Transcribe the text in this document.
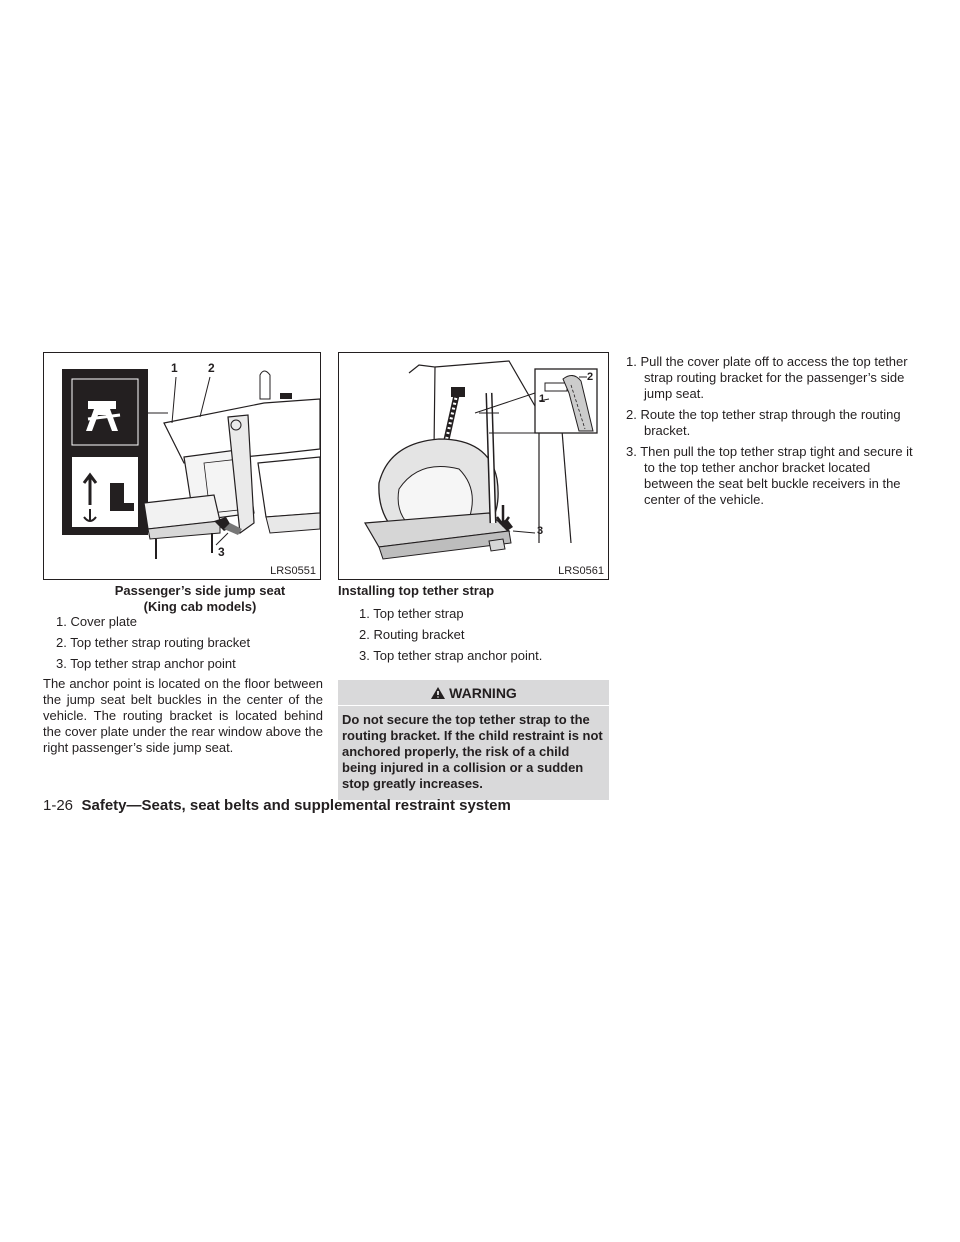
1	2
3
LRS0551
Passenger’s side jump seat
(King cab models)
1. Cover plate
2. Top tether strap routing bracket
3. Top tether strap anchor point

The anchor point is located on the floor between the jump seat belt buckles in the center of the vehicle. The routing bracket is located behind the cover plate under the rear window above the right passenger’s side jump seat.

1
2
3
LRS0561
Installing top tether strap
1. Top tether strap
2. Routing bracket
3. Top tether strap anchor point.
WARNING
Do not secure the top tether strap to the routing bracket. If the child restraint is not anchored properly, the risk of a child being injured in a collision or a sudden stop greatly increases.
1. Pull the cover plate off to access the top tether strap routing bracket for the passenger’s side jump seat.
2. Route the top tether strap through the routing bracket.
3. Then pull the top tether strap tight and secure it to the top tether anchor bracket located between the seat belt buckle receivers in the center of the vehicle.
1-26 Safety—Seats, seat belts and supplemental restraint system
